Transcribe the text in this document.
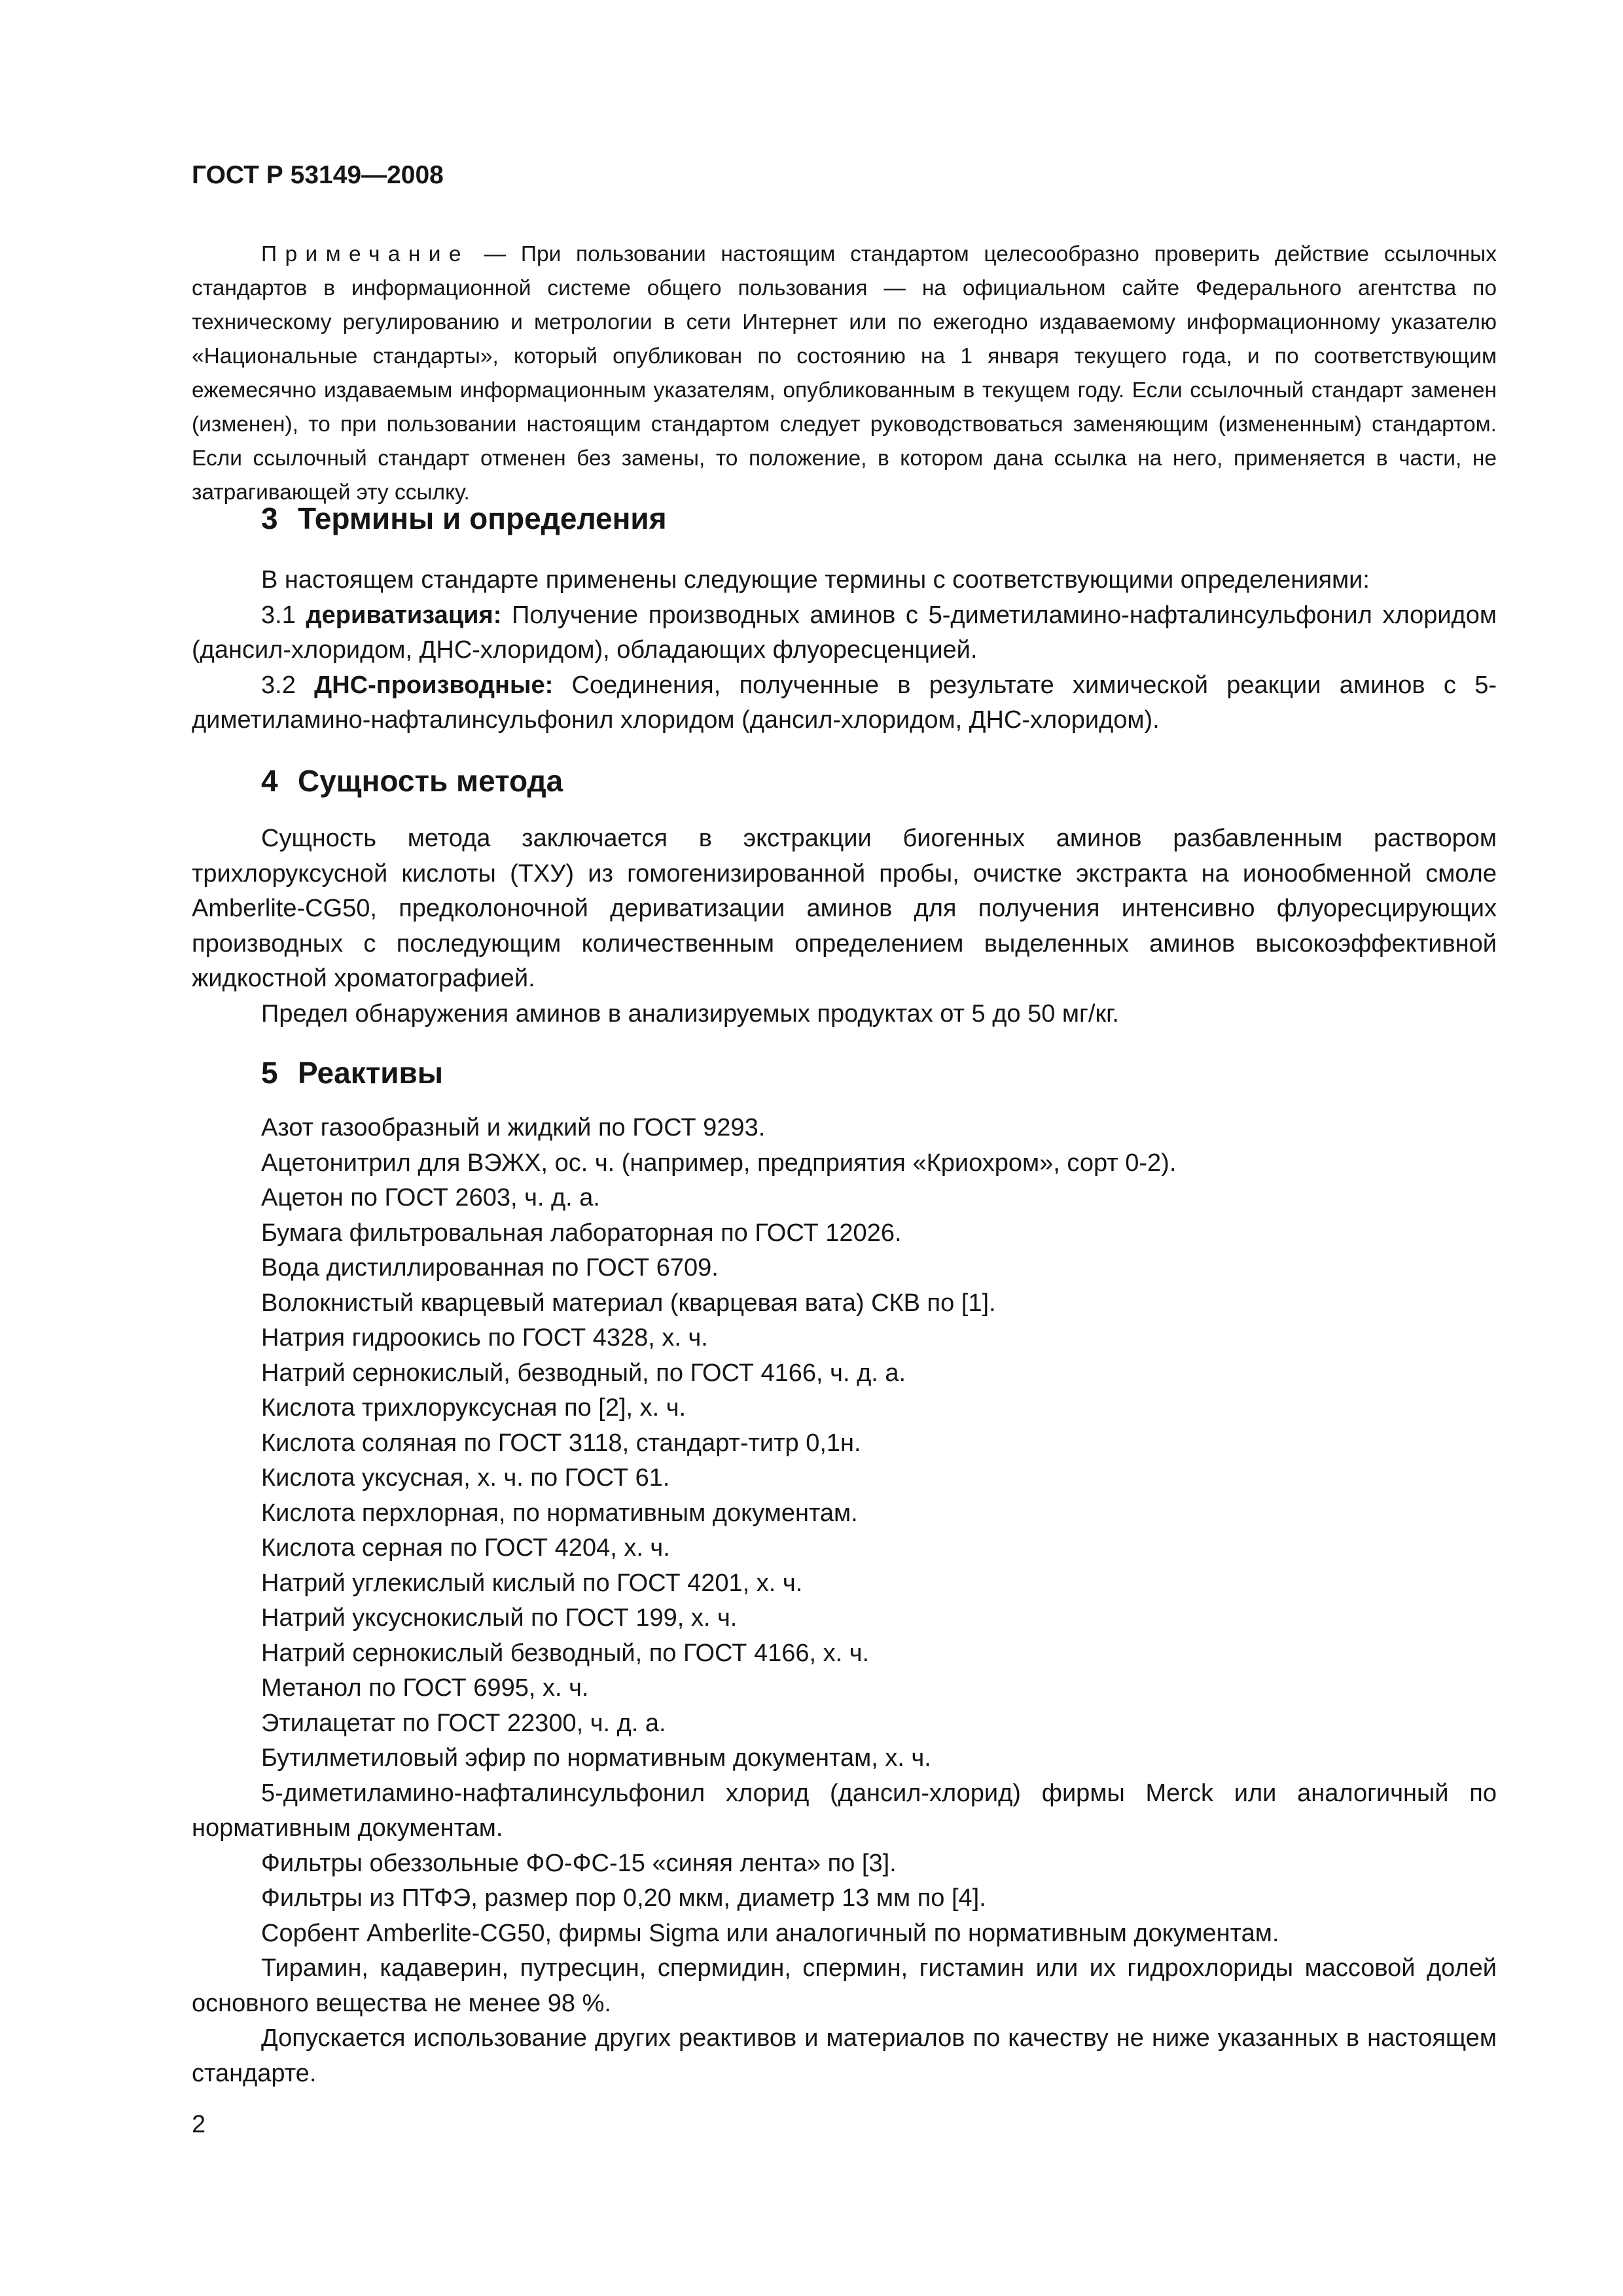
ГОСТ Р 53149—2008

Примечание — При пользовании настоящим стандартом целесообразно проверить действие ссылочных стандартов в информационной системе общего пользования — на официальном сайте Федерального агентства по техническому регулированию и метрологии в сети Интернет или по ежегодно издаваемому информационному указателю «Национальные стандарты», который опубликован по состоянию на 1 января текущего года, и по соответствующим ежемесячно издаваемым информационным указателям, опубликованным в текущем году. Если ссылочный стандарт заменен (изменен), то при пользовании настоящим стандартом следует руководствоваться заменяющим (измененным) стандартом. Если ссылочный стандарт отменен без замены, то положение, в котором дана ссылка на него, применяется в части, не затрагивающей эту ссылку.

3 Термины и определения

В настоящем стандарте применены следующие термины с соответствующими определениями:

3.1 дериватизация: Получение производных аминов с 5-диметиламино-нафталинсульфонил хлоридом (дансил-хлоридом, ДНС-хлоридом), обладающих флуоресценцией.

3.2 ДНС-производные: Соединения, полученные в результате химической реакции аминов с 5-диметиламино-нафталинсульфонил хлоридом (дансил-хлоридом, ДНС-хлоридом).

4 Сущность метода

Сущность метода заключается в экстракции биогенных аминов разбавленным раствором трихлоруксусной кислоты (ТХУ) из гомогенизированной пробы, очистке экстракта на ионообменной смоле Amberlite-CG50, предколоночной дериватизации аминов для получения интенсивно флуоресцирующих производных с последующим количественным определением выделенных аминов высокоэффективной жидкостной хроматографией.

Предел обнаружения аминов в анализируемых продуктах от 5 до 50 мг/кг.

5 Реактивы

Азот газообразный и жидкий по ГОСТ 9293.

Ацетонитрил для ВЭЖХ, ос. ч. (например, предприятия «Криохром», сорт 0-2).

Ацетон по ГОСТ 2603, ч. д. а.

Бумага фильтровальная лабораторная по ГОСТ 12026.

Вода дистиллированная по ГОСТ 6709.

Волокнистый кварцевый материал (кварцевая вата) СКВ по [1].

Натрия гидроокись по ГОСТ 4328, х. ч.

Натрий сернокислый, безводный, по ГОСТ 4166, ч. д. а.

Кислота трихлоруксусная по [2], х. ч.

Кислота соляная по ГОСТ 3118, стандарт-титр 0,1н.

Кислота уксусная, х. ч. по ГОСТ 61.

Кислота перхлорная, по нормативным документам.

Кислота серная по ГОСТ 4204, х. ч.

Натрий углекислый кислый по ГОСТ 4201, х. ч.

Натрий уксуснокислый по ГОСТ 199, х. ч.

Натрий сернокислый безводный, по ГОСТ 4166, х. ч.

Метанол по ГОСТ 6995, х. ч.

Этилацетат по ГОСТ 22300, ч. д. а.

Бутилметиловый эфир по нормативным документам, х. ч.

5-диметиламино-нафталинсульфонил хлорид (дансил-хлорид) фирмы Merck или аналогичный по нормативным документам.

Фильтры обеззольные ФО-ФС-15 «синяя лента» по [3].

Фильтры из ПТФЭ, размер пор 0,20 мкм, диаметр 13 мм по [4].

Сорбент Amberlite-CG50, фирмы Sigma или аналогичный по нормативным документам.

Тирамин, кадаверин, путресцин, спермидин, спермин, гистамин или их гидрохлориды массовой долей основного вещества не менее 98 %.

Допускается использование других реактивов и материалов по качеству не ниже указанных в настоящем стандарте.

2
